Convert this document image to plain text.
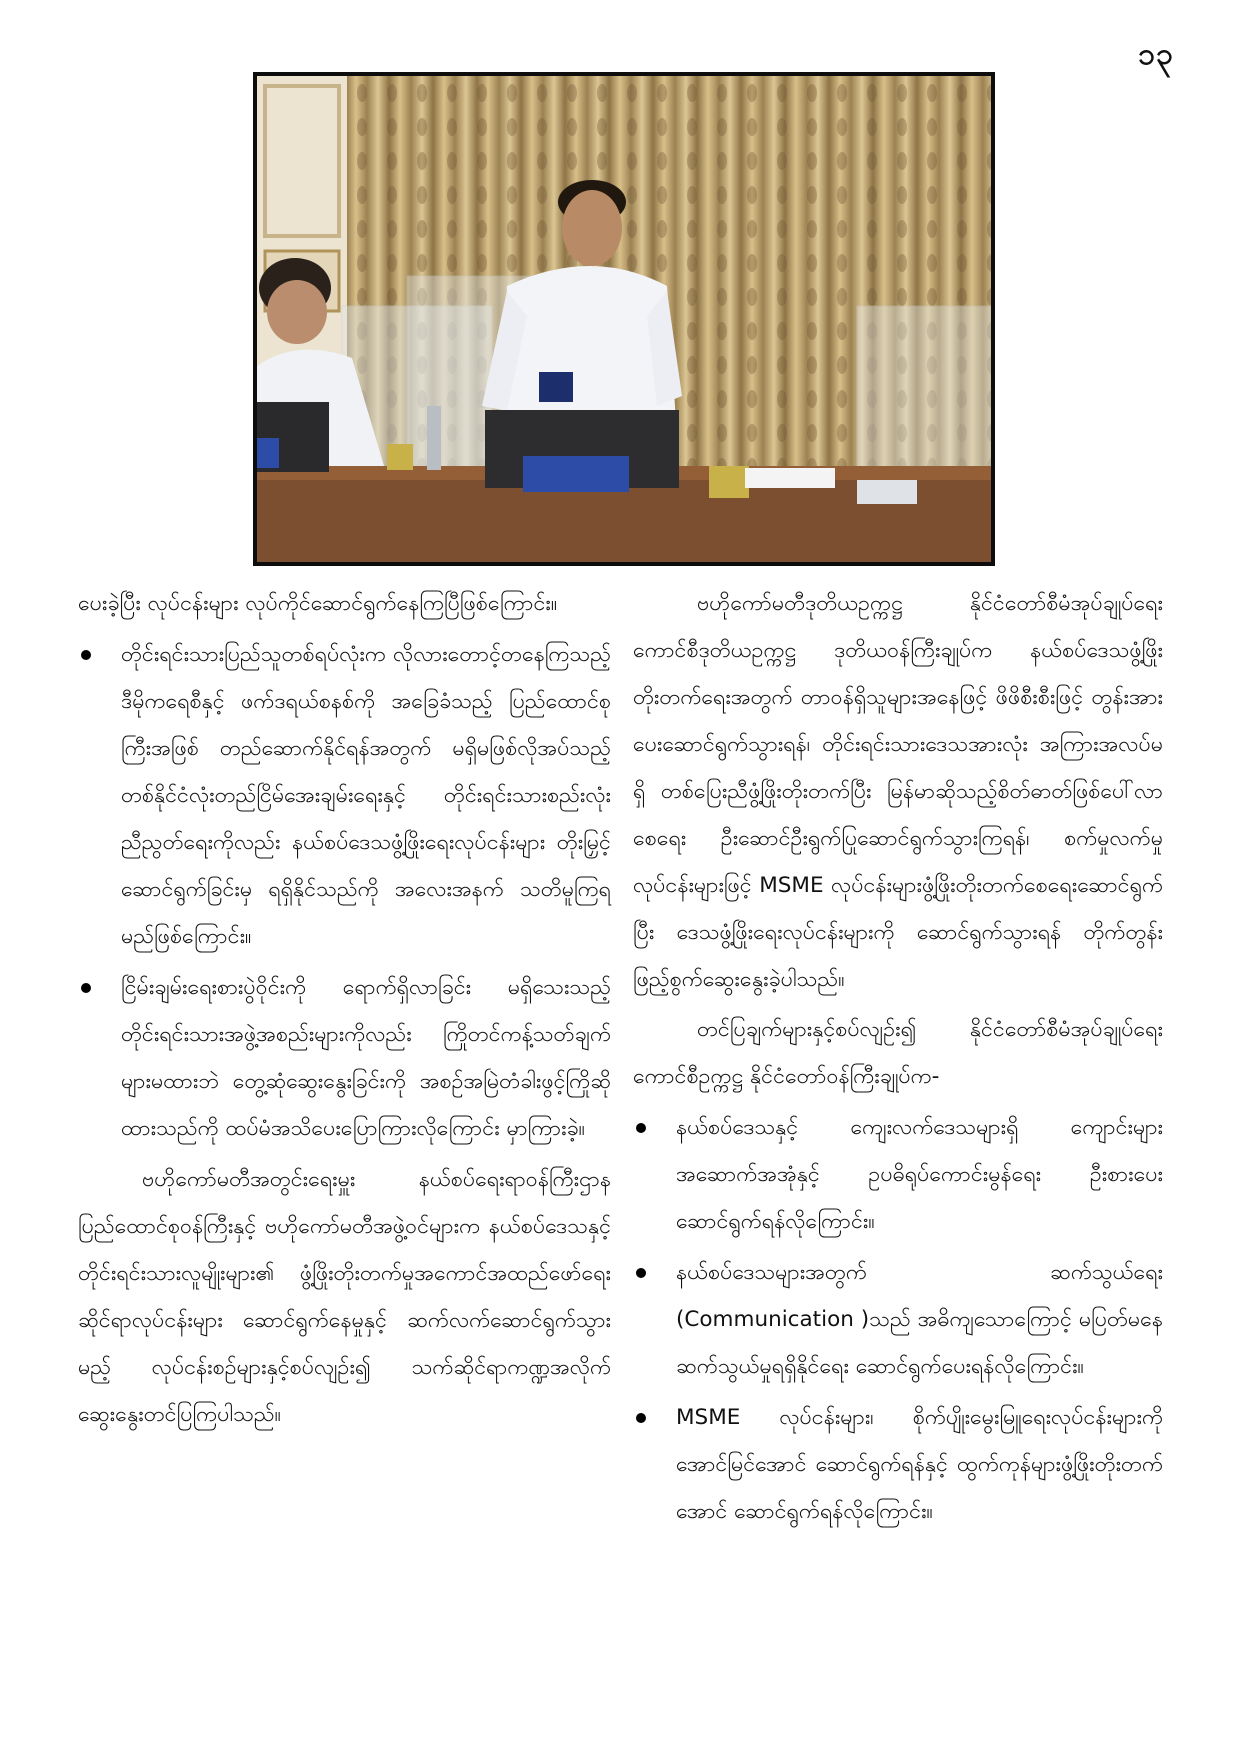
၁၃

ပေးခဲ့ပြီး လုပ်ငန်းများ လုပ်ကိုင်ဆောင်ရွက်နေကြပြီဖြစ်ကြောင်း။

တိုင်းရင်းသားပြည်သူတစ်ရပ်လုံးက လိုလားတောင့်တနေကြသည့် ဒီမိုကရေစီနှင့် ဖက်ဒရယ်စနစ်ကို အခြေခံသည့် ပြည်ထောင်စုကြီးအဖြစ် တည်ဆောက်နိုင်ရန်အတွက် မရှိမဖြစ်လိုအပ်သည့် တစ်နိုင်ငံလုံးတည်ငြိမ်အေးချမ်းရေးနှင့် တိုင်းရင်းသားစည်းလုံးညီညွတ်ရေးကိုလည်း နယ်စပ်ဒေသဖွံ့ဖြိုးရေးလုပ်ငန်းများ တိုးမြှင့်ဆောင်ရွက်ခြင်းမှ ရရှိနိုင်သည်ကို အလေးအနက် သတိမူကြရမည်ဖြစ်ကြောင်း။
ငြိမ်းချမ်းရေးစားပွဲဝိုင်းကို ရောက်ရှိလာခြင်း မရှိသေးသည့် တိုင်းရင်းသားအဖွဲ့အစည်းများကိုလည်း ကြိုတင်ကန့်သတ်ချက်များမထားဘဲ တွေ့ဆုံဆွေးနွေးခြင်းကို အစဉ်အမြဲတံခါးဖွင့်ကြိုဆိုထားသည်ကို ထပ်မံအသိပေးပြောကြားလိုကြောင်း မှာကြားခဲ့။

ဗဟိုကော်မတီအတွင်းရေးမှူး နယ်စပ်ရေးရာဝန်ကြီးဌာန ပြည်ထောင်စုဝန်ကြီးနှင့် ဗဟိုကော်မတီအဖွဲ့ဝင်များက နယ်စပ်ဒေသနှင့် တိုင်းရင်းသားလူမျိုးများ၏ ဖွံ့ဖြိုးတိုးတက်မှုအကောင်အထည်ဖော်ရေးဆိုင်ရာလုပ်ငန်းများ ဆောင်ရွက်နေမှုနှင့် ဆက်လက်ဆောင်ရွက်သွားမည့် လုပ်ငန်းစဉ်များနှင့်စပ်လျဉ်း၍ သက်ဆိုင်ရာကဏ္ဍအလိုက် ဆွေးနွေးတင်ပြကြပါသည်။

ဗဟိုကော်မတီဒုတိယဥက္ကဋ္ဌ နိုင်ငံတော်စီမံအုပ်ချုပ်ရေးကောင်စီဒုတိယဥက္ကဋ္ဌ ဒုတိယဝန်ကြီးချုပ်က နယ်စပ်ဒေသဖွံ့ဖြိုးတိုးတက်ရေးအတွက် တာဝန်ရှိသူများအနေဖြင့် ဖိဖိစီးစီးဖြင့် တွန်းအားပေးဆောင်ရွက်သွားရန်၊ တိုင်းရင်းသားဒေသအားလုံး အကြားအလပ်မရှိ တစ်ပြေးညီဖွံ့ဖြိုးတိုးတက်ပြီး မြန်မာဆိုသည့်စိတ်ဓာတ်ဖြစ်ပေါ်လာစေရေး ဦးဆောင်ဦးရွက်ပြုဆောင်ရွက်သွားကြရန်၊ စက်မှုလက်မှုလုပ်ငန်းများဖြင့် MSME လုပ်ငန်းများဖွံ့ဖြိုးတိုးတက်စေရေးဆောင်ရွက်ပြီး ဒေသဖွံ့ဖြိုးရေးလုပ်ငန်းများကို ဆောင်ရွက်သွားရန် တိုက်တွန်းဖြည့်စွက်ဆွေးနွေးခဲ့ပါသည်။

တင်ပြချက်များနှင့်စပ်လျဉ်း၍ နိုင်ငံတော်စီမံအုပ်ချုပ်ရေးကောင်စီဥက္ကဋ္ဌ နိုင်ငံတော်ဝန်ကြီးချုပ်က-

နယ်စပ်ဒေသနှင့် ကျေးလက်ဒေသများရှိ ကျောင်းများ အဆောက်အအုံနှင့် ဥပဓိရုပ်ကောင်းမွန်ရေး ဦးစားပေးဆောင်ရွက်ရန်လိုကြောင်း။
နယ်စပ်ဒေသများအတွက် ဆက်သွယ်ရေး (Communication )သည် အဓိကျသောကြောင့် မပြတ်မနေဆက်သွယ်မှုရရှိနိုင်ရေး ဆောင်ရွက်ပေးရန်လိုကြောင်း။
MSME လုပ်ငန်းများ၊ စိုက်ပျိုးမွေးမြူရေးလုပ်ငန်းများကို အောင်မြင်အောင် ဆောင်ရွက်ရန်နှင့် ထွက်ကုန်များဖွံ့ဖြိုးတိုးတက်အောင် ဆောင်ရွက်ရန်လိုကြောင်း။
